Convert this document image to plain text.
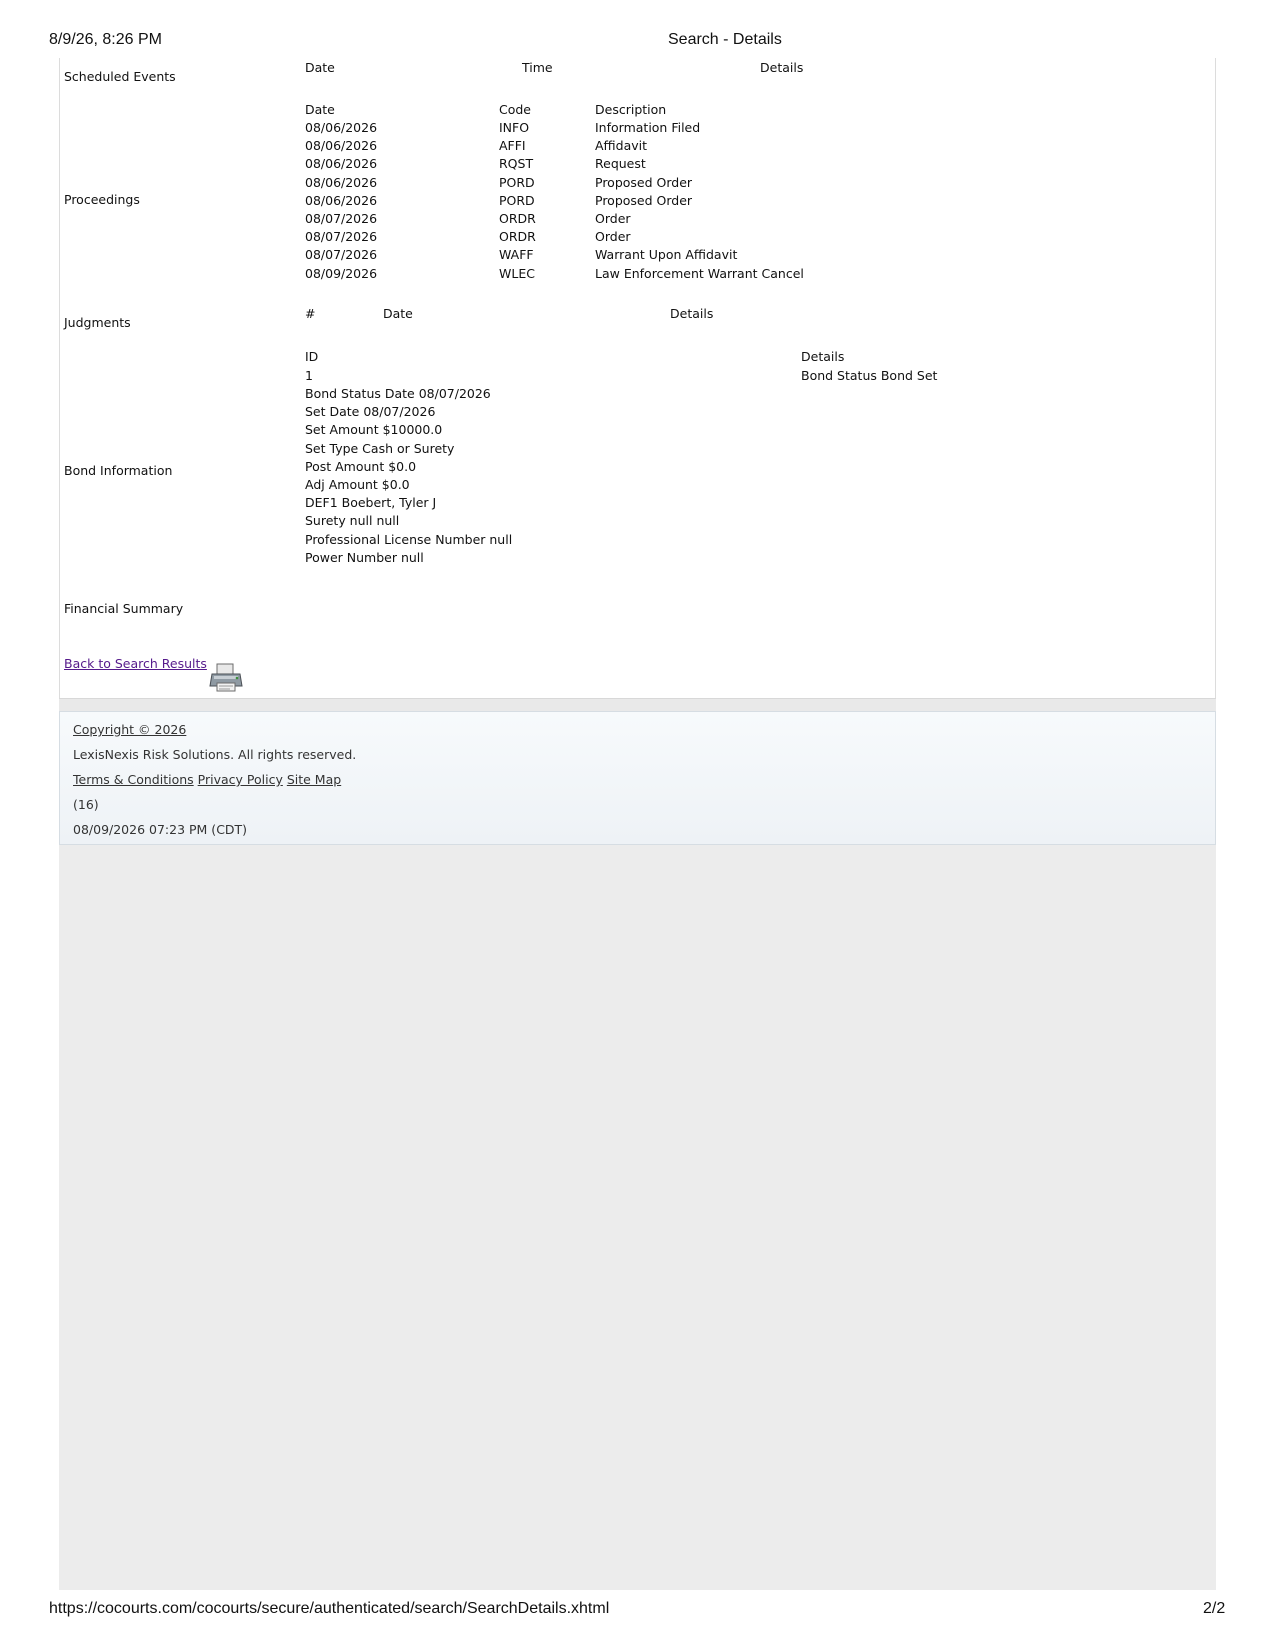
8/9/26, 8:26 PM	Search - Details
Scheduled Events
Date	Time	Details
Proceedings
Date	Code	Description
08/06/2026	INFO	Information Filed
08/06/2026	AFFI	Affidavit
08/06/2026	RQST	Request
08/06/2026	PORD	Proposed Order
08/06/2026	PORD	Proposed Order
08/07/2026	ORDR	Order
08/07/2026	ORDR	Order
08/07/2026	WAFF	Warrant Upon Affidavit
08/09/2026	WLEC	Law Enforcement Warrant Cancel
Judgments
#	Date	Details
Bond Information
ID	Details
1	Bond Status Bond Set
Bond Status Date 08/07/2026
Set Date 08/07/2026
Set Amount $10000.0
Set Type Cash or Surety
Post Amount $0.0
Adj Amount $0.0
DEF1 Boebert, Tyler J
Surety null null
Professional License Number null
Power Number null
Financial Summary
Back to Search Results
Copyright © 2026
LexisNexis Risk Solutions. All rights reserved.
Terms & Conditions Privacy Policy Site Map
(16)
08/09/2026 07:23 PM (CDT)
https://cocourts.com/cocourts/secure/authenticated/search/SearchDetails.xhtml	2/2
